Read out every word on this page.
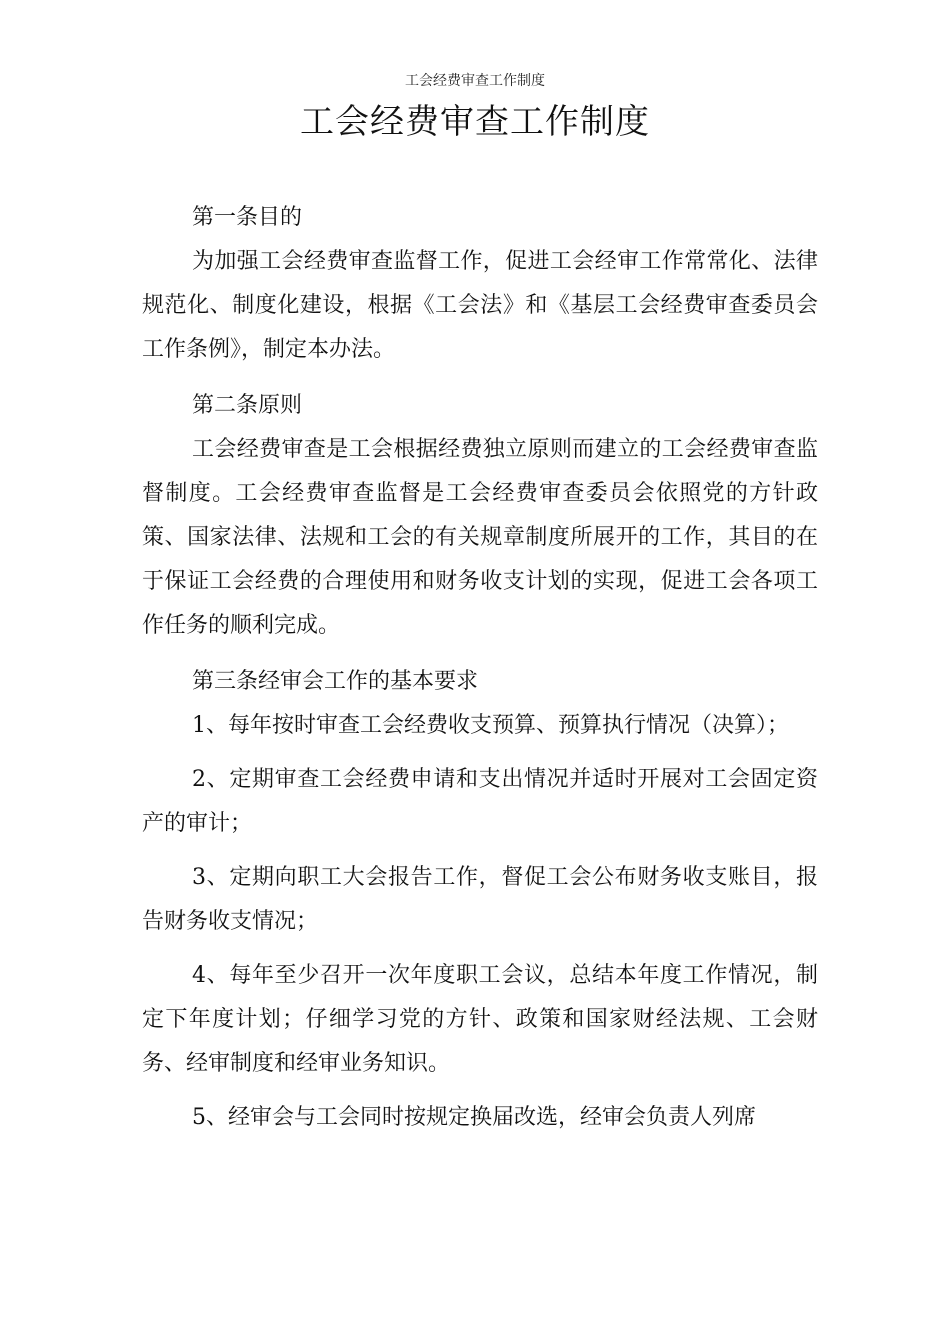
工会经费审查工作制度
工会经费审查工作制度

第一条目的

为加强工会经费审查监督工作，促进工会经审工作常常化、法律规范化、制度化建设，根据《工会法》和《基层工会经费审查委员会工作条例》，制定本办法。

第二条原则

工会经费审查是工会根据经费独立原则而建立的工会经费审查监督制度。工会经费审查监督是工会经费审查委员会依照党的方针政策、国家法律、法规和工会的有关规章制度所展开的工作，其目的在于保证工会经费的合理使用和财务收支计划的实现，促进工会各项工作任务的顺利完成。

第三条经审会工作的基本要求

1、每年按时审查工会经费收支预算、预算执行情况（决算）；

2、定期审查工会经费申请和支出情况并适时开展对工会固定资产的审计；

3、定期向职工大会报告工作，督促工会公布财务收支账目，报告财务收支情况；

4、每年至少召开一次年度职工会议，总结本年度工作情况，制定下年度计划；仔细学习党的方针、政策和国家财经法规、工会财务、经审制度和经审业务知识。

5、经审会与工会同时按规定换届改选，经审会负责人列席
